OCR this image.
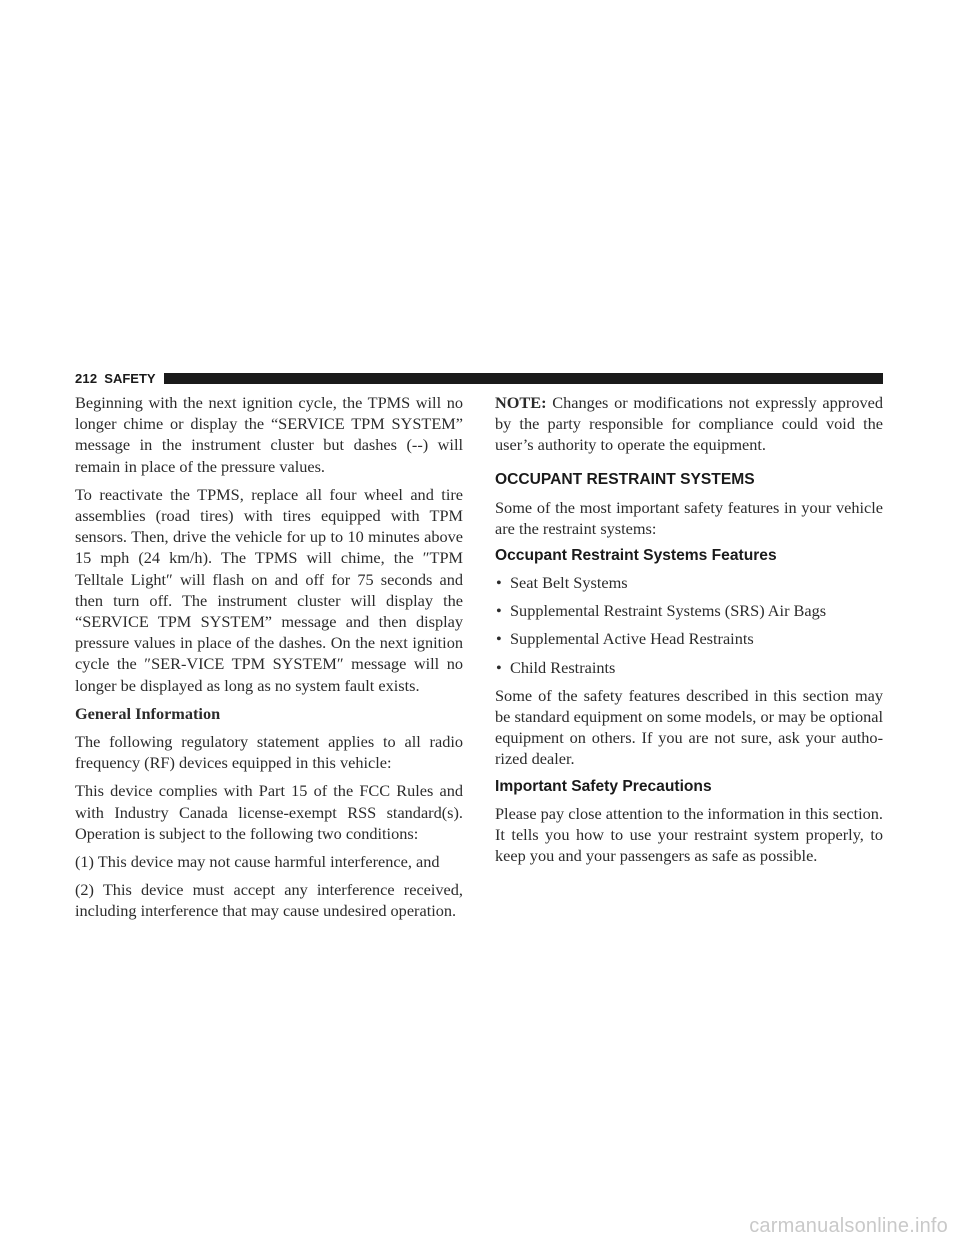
212 SAFETY

Beginning with the next ignition cycle, the TPMS will no longer chime or display the “SERVICE TPM SYSTEM” message in the instrument cluster but dashes (--) will remain in place of the pressure values.

To reactivate the TPMS, replace all four wheel and tire assemblies (road tires) with tires equipped with TPM sensors. Then, drive the vehicle for up to 10 minutes above 15 mph (24 km/h). The TPMS will chime, the ″TPM Telltale Light″ will flash on and off for 75 seconds and then turn off. The instrument cluster will display the “SERVICE TPM SYSTEM” message and then display pressure values in place of the dashes. On the next ignition cycle the ″SER-VICE TPM SYSTEM″ message will no longer be displayed as long as no system fault exists.

General Information

The following regulatory statement applies to all radio frequency (RF) devices equipped in this vehicle:

This device complies with Part 15 of the FCC Rules and with Industry Canada license-exempt RSS standard(s). Operation is subject to the following two conditions:

(1) This device may not cause harmful interference, and

(2) This device must accept any interference received, including interference that may cause undesired operation.

NOTE: Changes or modifications not expressly approved by the party responsible for compliance could void the user’s authority to operate the equipment.

OCCUPANT RESTRAINT SYSTEMS

Some of the most important safety features in your vehicle are the restraint systems:

Occupant Restraint Systems Features
• Seat Belt Systems
• Supplemental Restraint Systems (SRS) Air Bags
• Supplemental Active Head Restraints
• Child Restraints

Some of the safety features described in this section may be standard equipment on some models, or may be optional equipment on others. If you are not sure, ask your autho-rized dealer.

Important Safety Precautions

Please pay close attention to the information in this section. It tells you how to use your restraint system properly, to keep you and your passengers as safe as possible.

carmanualsonline.info
